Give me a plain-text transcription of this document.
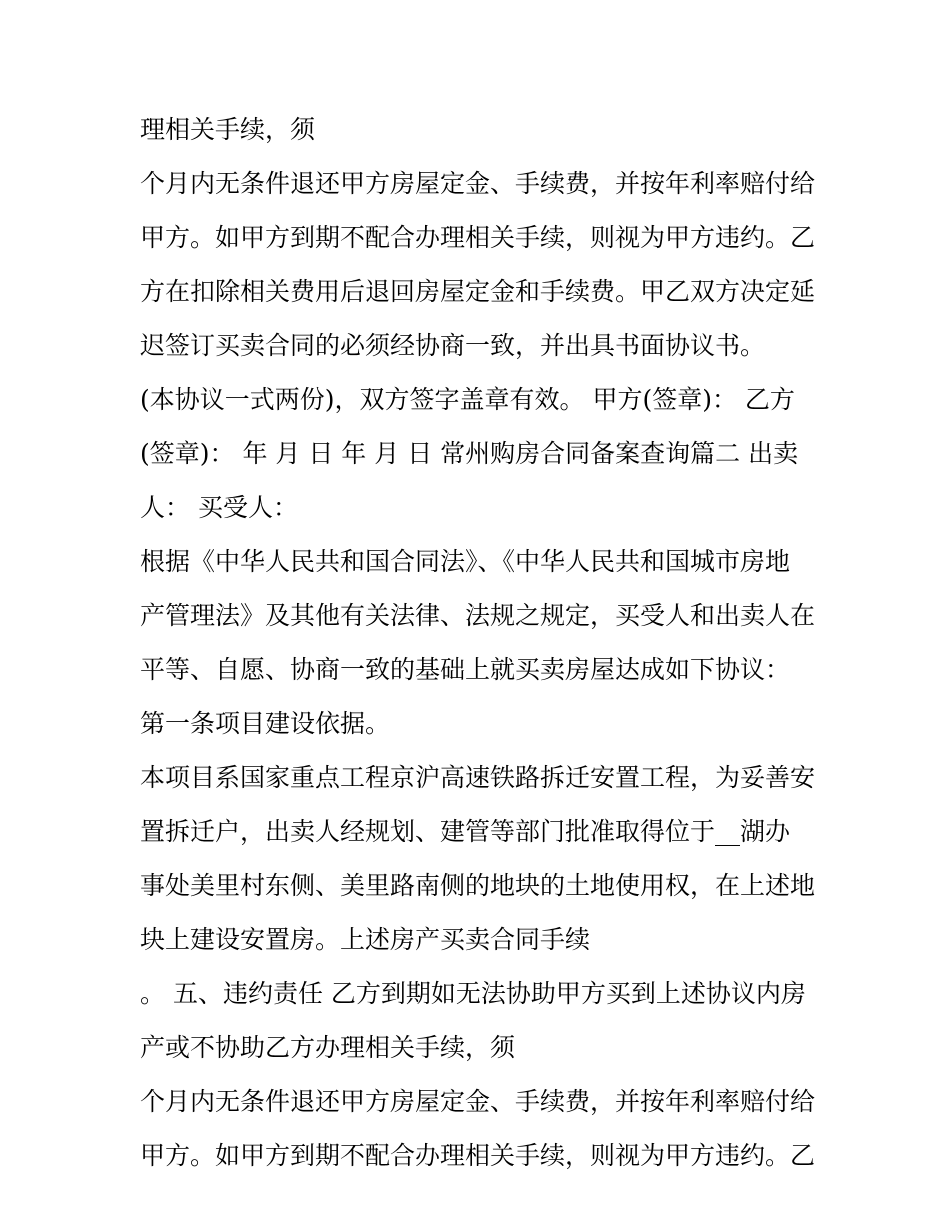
理相关手续，须
个月内无条件退还甲方房屋定金、手续费，并按年利率赔付给
甲方。如甲方到期不配合办理相关手续，则视为甲方违约。乙
方在扣除相关费用后退回房屋定金和手续费。甲乙双方决定延
迟签订买卖合同的必须经协商一致，并出具书面协议书。
(本协议一式两份)，双方签字盖章有效。 甲方(签章)： 乙方
(签章)： 年 月 日 年 月 日 常州购房合同备案查询篇二 出卖
人： 买受人：
根据《中华人民共和国合同法》、《中华人民共和国城市房地
产管理法》及其他有关法律、法规之规定，买受人和出卖人在
平等、自愿、协商一致的基础上就买卖房屋达成如下协议：
第一条项目建设依据。
本项目系国家重点工程京沪高速铁路拆迁安置工程，为妥善安
置拆迁户，出卖人经规划、建管等部门批准取得位于__湖办
事处美里村东侧、美里路南侧的地块的土地使用权，在上述地
块上建设安置房。上述房产买卖合同手续
。 五、违约责任 乙方到期如无法协助甲方买到上述协议内房
产或不协助乙方办理相关手续，须
个月内无条件退还甲方房屋定金、手续费，并按年利率赔付给
甲方。如甲方到期不配合办理相关手续，则视为甲方违约。乙
